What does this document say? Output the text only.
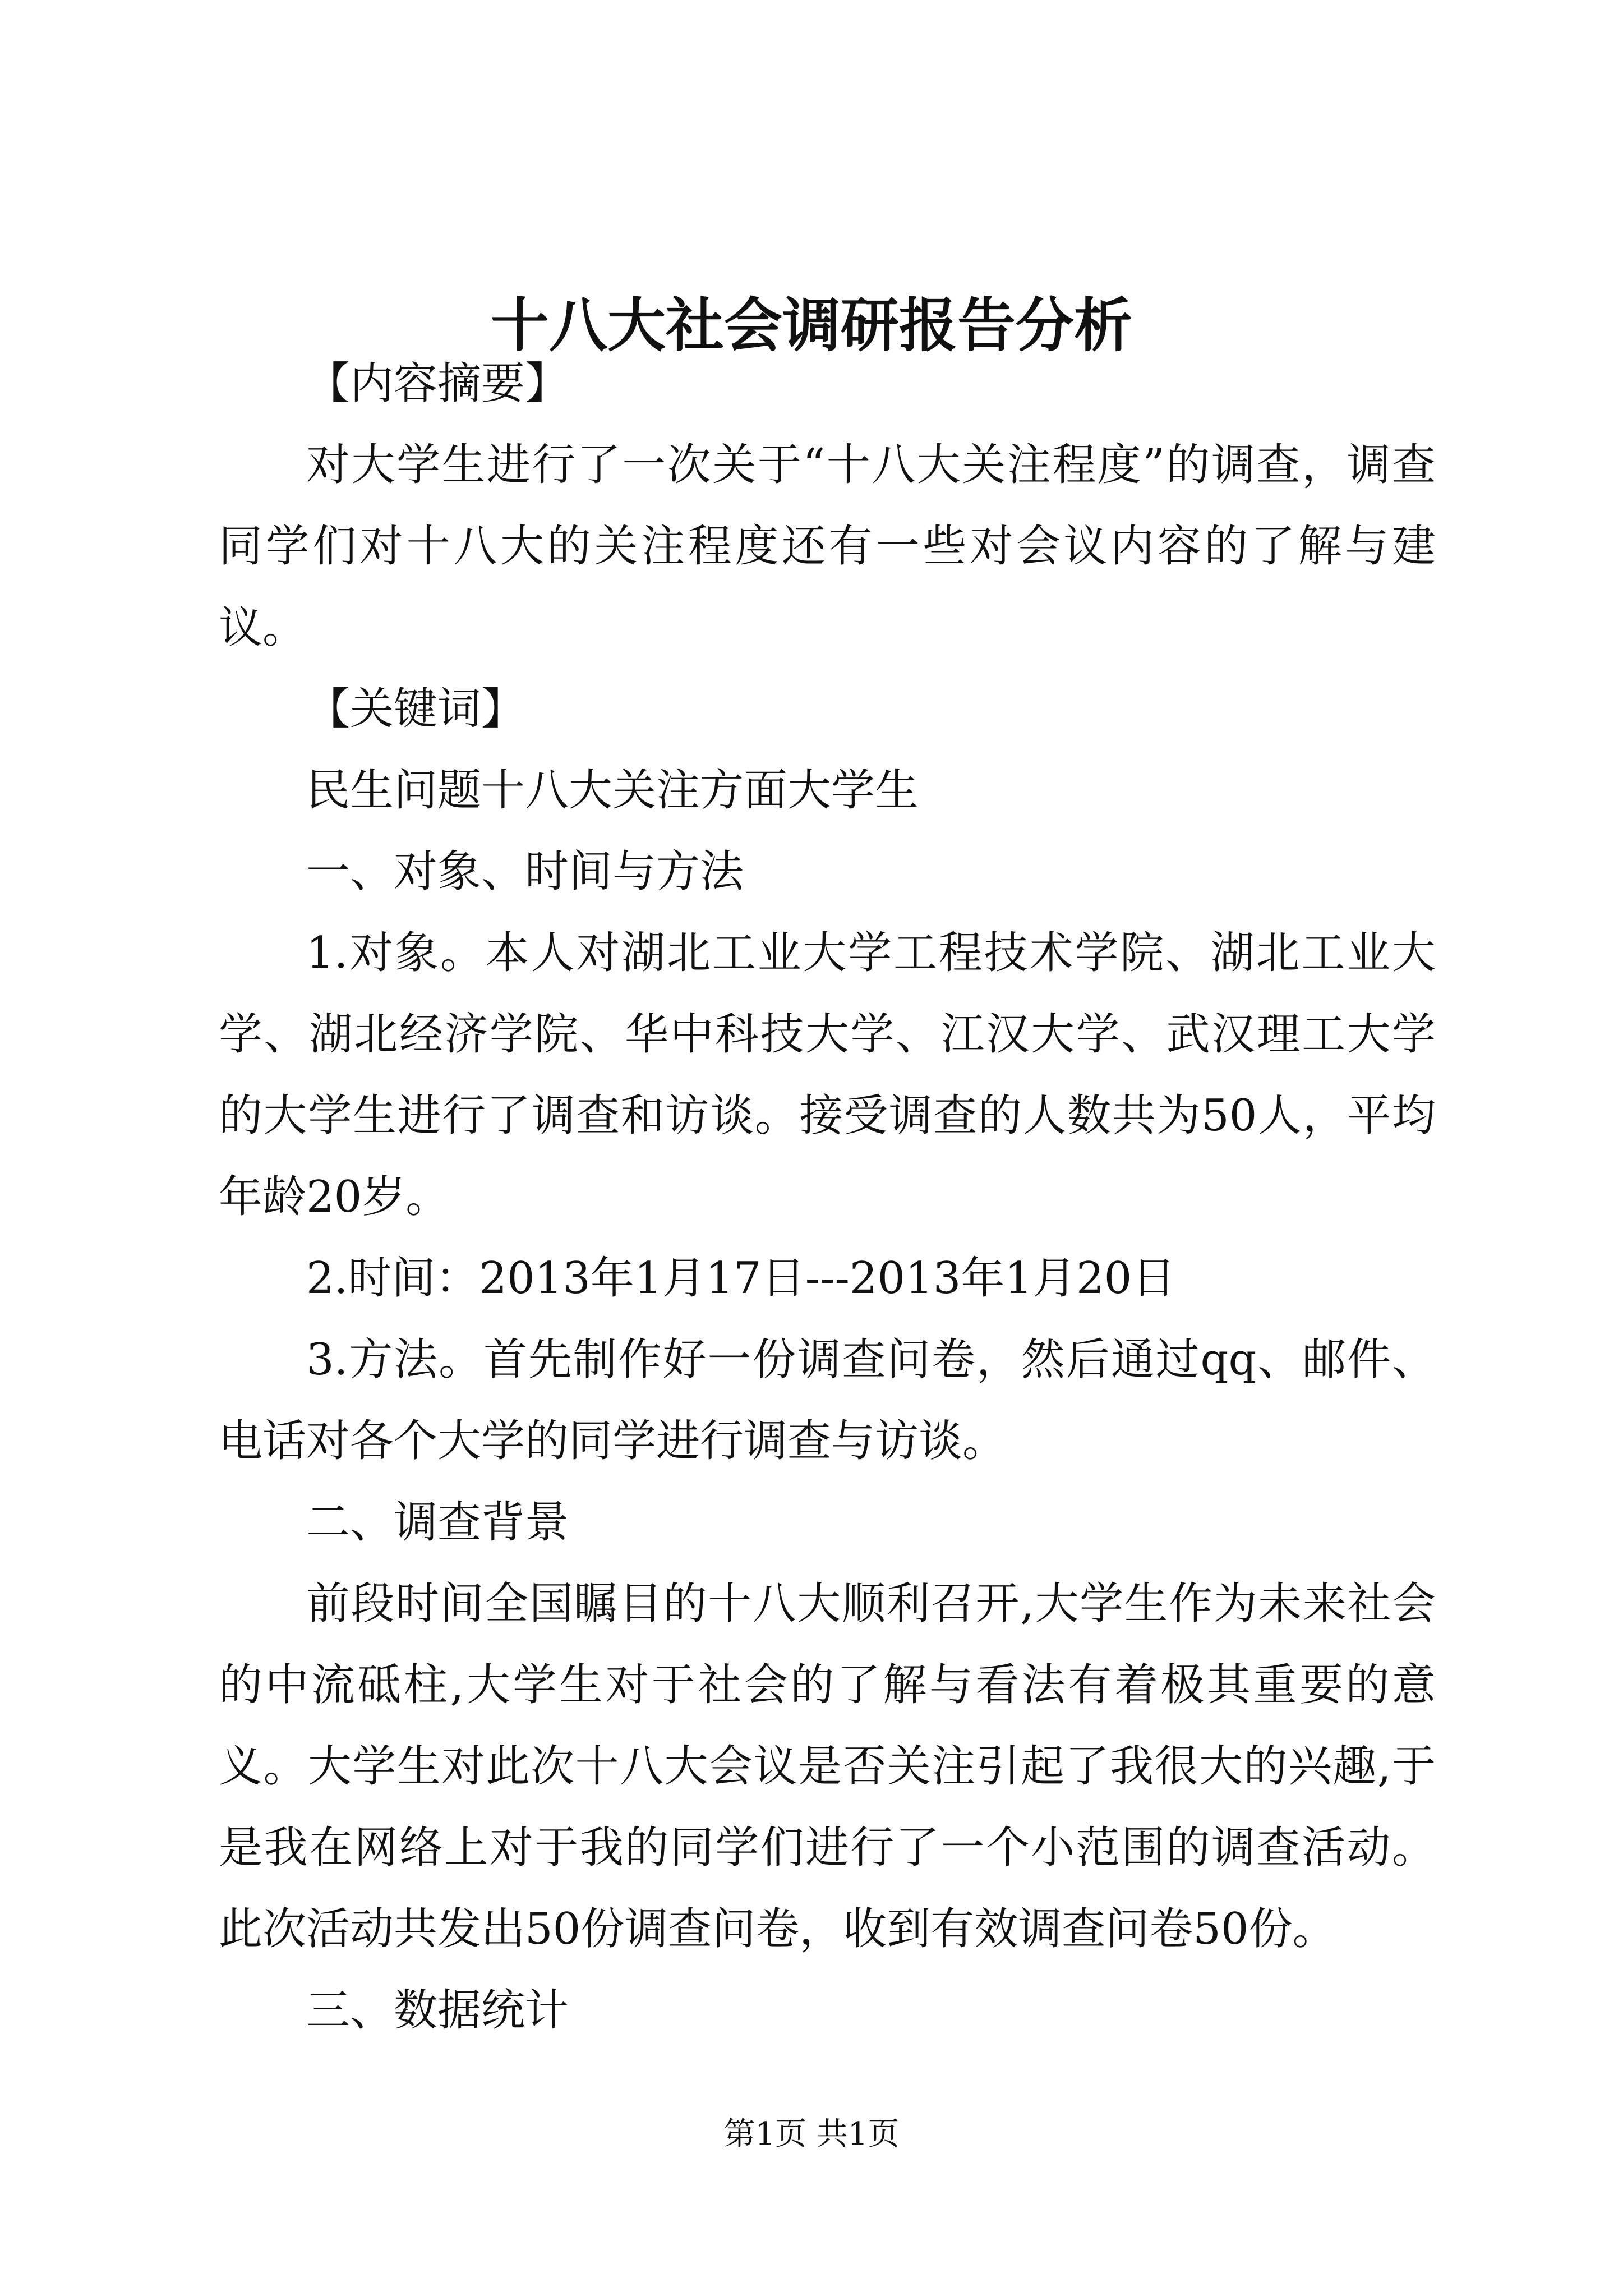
十八大社会调研报告分析

【内容摘要】

对大学生进行了一次关于“十八大关注程度”的调查，调查同学们对十八大的关注程度还有一些对会议内容的了解与建议。

【关键词】

民生问题十八大关注方面大学生

一、对象、时间与方法

1.对象。本人对湖北工业大学工程技术学院、湖北工业大学、湖北经济学院、华中科技大学、江汉大学、武汉理工大学的大学生进行了调查和访谈。接受调查的人数共为50人，平均年龄20岁。

2.时间：2013年1月17日---2013年1月20日

3.方法。首先制作好一份调查问卷，然后通过qq、邮件、电话对各个大学的同学进行调查与访谈。

二、调查背景

前段时间全国瞩目的十八大顺利召开,大学生作为未来社会的中流砥柱,大学生对于社会的了解与看法有着极其重要的意义。大学生对此次十八大会议是否关注引起了我很大的兴趣,于是我在网络上对于我的同学们进行了一个小范围的调查活动。此次活动共发出50份调查问卷，收到有效调查问卷50份。

三、数据统计

第1页 共1页
